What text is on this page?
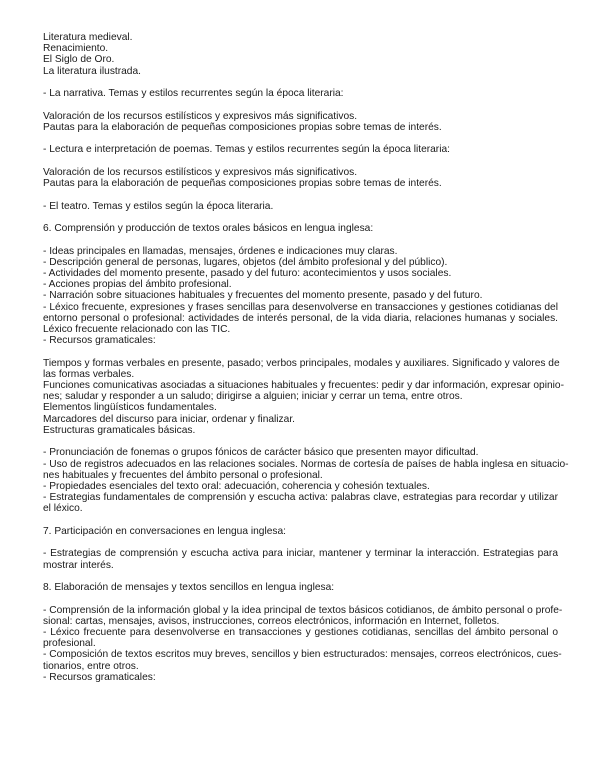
Literatura medieval.
Renacimiento.
El Siglo de Oro.
La literatura ilustrada.
- La narrativa. Temas y estilos recurrentes según la época literaria:
Valoración de los recursos estilísticos y expresivos más significativos.
Pautas para la elaboración de pequeñas composiciones propias sobre temas de interés.
- Lectura e interpretación de poemas. Temas y estilos recurrentes según la época literaria:
Valoración de los recursos estilísticos y expresivos más significativos.
Pautas para la elaboración de pequeñas composiciones propias sobre temas de interés.
- El teatro. Temas y estilos según la época literaria.
6. Comprensión y producción de textos orales básicos en lengua inglesa:
- Ideas principales en llamadas, mensajes, órdenes e indicaciones muy claras.
- Descripción general de personas, lugares, objetos (del ámbito profesional y del público).
- Actividades del momento presente, pasado y del futuro: acontecimientos y usos sociales.
- Acciones propias del ámbito profesional.
- Narración sobre situaciones habituales y frecuentes del momento presente, pasado y del futuro.
- Léxico frecuente, expresiones y frases sencillas para desenvolverse en transacciones y gestiones cotidianas del
entorno personal o profesional: actividades de interés personal, de la vida diaria, relaciones humanas y sociales.
Léxico frecuente relacionado con las TIC.
- Recursos gramaticales:
Tiempos y formas verbales en presente, pasado; verbos principales, modales y auxiliares. Significado y valores de
las formas verbales.
Funciones comunicativas asociadas a situaciones habituales y frecuentes: pedir y dar información, expresar opinio-
nes; saludar y responder a un saludo; dirigirse a alguien; iniciar y cerrar un tema, entre otros.
Elementos lingüísticos fundamentales.
Marcadores del discurso para iniciar, ordenar y finalizar.
Estructuras gramaticales básicas.
- Pronunciación de fonemas o grupos fónicos de carácter básico que presenten mayor dificultad.
- Uso de registros adecuados en las relaciones sociales. Normas de cortesía de países de habla inglesa en situacio-
nes habituales y frecuentes del ámbito personal o profesional.
- Propiedades esenciales del texto oral: adecuación, coherencia y cohesión textuales.
- Estrategias fundamentales de comprensión y escucha activa: palabras clave, estrategias para recordar y utilizar
el léxico.
7. Participación en conversaciones en lengua inglesa:
- Estrategias de comprensión y escucha activa para iniciar, mantener y terminar la interacción. Estrategias para
mostrar interés.
8. Elaboración de mensajes y textos sencillos en lengua inglesa:
- Comprensión de la información global y la idea principal de textos básicos cotidianos, de ámbito personal o profe-
sional: cartas, mensajes, avisos, instrucciones, correos electrónicos, información en Internet, folletos.
- Léxico frecuente para desenvolverse en transacciones y gestiones cotidianas, sencillas del ámbito personal o
profesional.
- Composición de textos escritos muy breves, sencillos y bien estructurados: mensajes, correos electrónicos, cues-
tionarios, entre otros.
- Recursos gramaticales:
